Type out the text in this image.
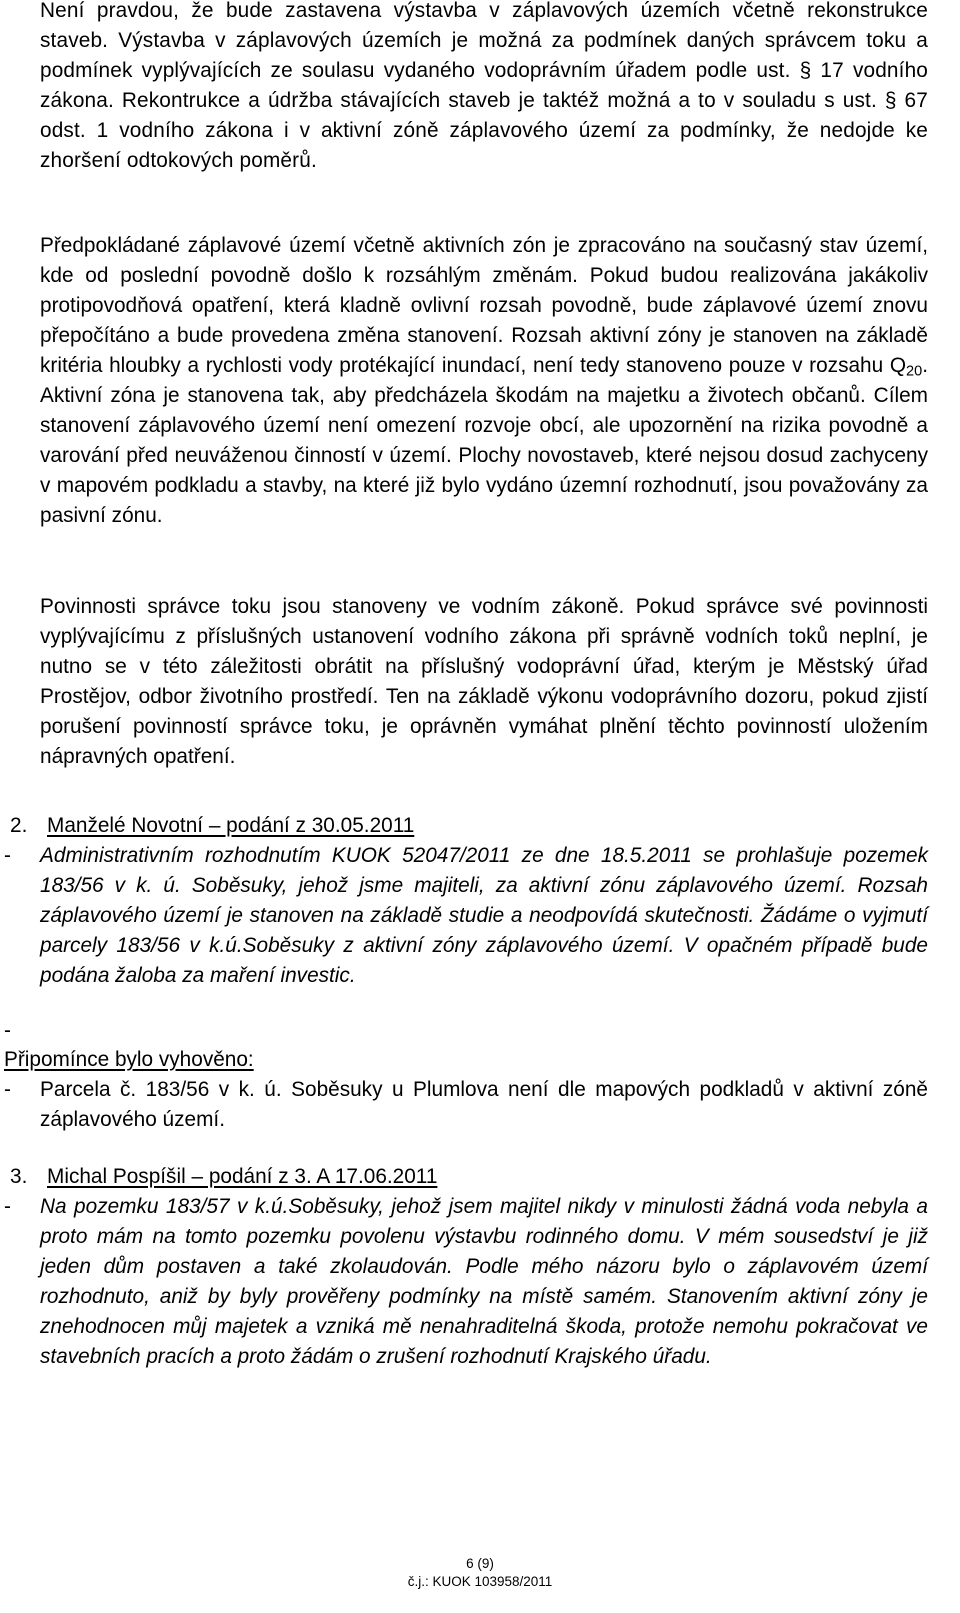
Není pravdou, že bude zastavena výstavba v záplavových územích včetně rekonstrukce staveb. Výstavba v záplavových územích je možná za podmínek daných správcem toku a podmínek vyplývajících ze soulasu vydaného vodoprávním úřadem podle ust. § 17 vodního zákona. Rekontrukce a údržba stávajících staveb je taktéž možná a to v souladu s ust. § 67 odst. 1 vodního zákona i v aktivní zóně záplavového území za podmínky, že nedojde ke zhoršení odtokových poměrů.

Předpokládané záplavové území včetně aktivních zón je zpracováno na současný stav území, kde od poslední povodně došlo k rozsáhlým změnám. Pokud budou realizována jakákoliv protipovodňová opatření, která kladně ovlivní rozsah povodně, bude záplavové území znovu přepočítáno a bude provedena změna stanovení. Rozsah aktivní zóny je stanoven na základě kritéria hloubky a rychlosti vody protékající inundací, není tedy stanoveno pouze v rozsahu $Q_{20}$. Aktivní zóna je stanovena tak, aby předcházela škodám na majetku a životech občanů. Cílem stanovení záplavového území není omezení rozvoje obcí, ale upozornění na rizika povodně a varování před neuváženou činností v území. Plochy novostaveb, které nejsou dosud zachyceny v mapovém podkladu a stavby, na které již bylo vydáno územní rozhodnutí, jsou považovány za pasivní zónu.

Povinnosti správce toku jsou stanoveny ve vodním zákoně. Pokud správce své povinnosti vyplývajícímu z příslušných ustanovení vodního zákona při správně vodních toků neplní, je nutno se v této záležitosti obrátit na příslušný vodoprávní úřad, kterým je Městský úřad Prostějov, odbor životního prostředí. Ten na základě výkonu vodoprávního dozoru, pokud zjistí porušení povinností správce toku, je oprávněn vymáhat plnění těchto povinností uložením nápravných opatření.

2. Manželé Novotní – podání z 30.05.2011
- Administrativním rozhodnutím KUOK 52047/2011 ze dne 18.5.2011 se prohlašuje pozemek 183/56 v k. ú. Soběsuky, jehož jsme majiteli, za aktivní zónu záplavového území. Rozsah záplavového území je stanoven na základě studie a neodpovídá skutečnosti. Žádáme o vyjmutí parcely 183/56 v k.ú.Soběsuky z aktivní zóny záplavového území. V opačném případě bude podána žaloba za maření investic.

-
Připomínce bylo vyhověno:
- Parcela č. 183/56 v k. ú. Soběsuky u Plumlova není dle mapových podkladů v aktivní zóně záplavového území.

3. Michal Pospíšil – podání z 3. A 17.06.2011
- Na pozemku 183/57 v k.ú.Soběsuky, jehož jsem majitel nikdy v minulosti žádná voda nebyla a proto mám na tomto pozemku povolenu výstavbu rodinného domu. V mém sousedství je již jeden dům postaven a také zkolaudován. Podle mého názoru bylo o záplavovém území rozhodnuto, aniž by byly prověřeny podmínky na místě samém. Stanovením aktivní zóny je znehodnocen můj majetek a vzniká mě nenahraditelná škoda, protože nemohu pokračovat ve stavebních pracích a proto žádám o zrušení rozhodnutí Krajského úřadu.

6 (9)
č.j.: KUOK 103958/2011
